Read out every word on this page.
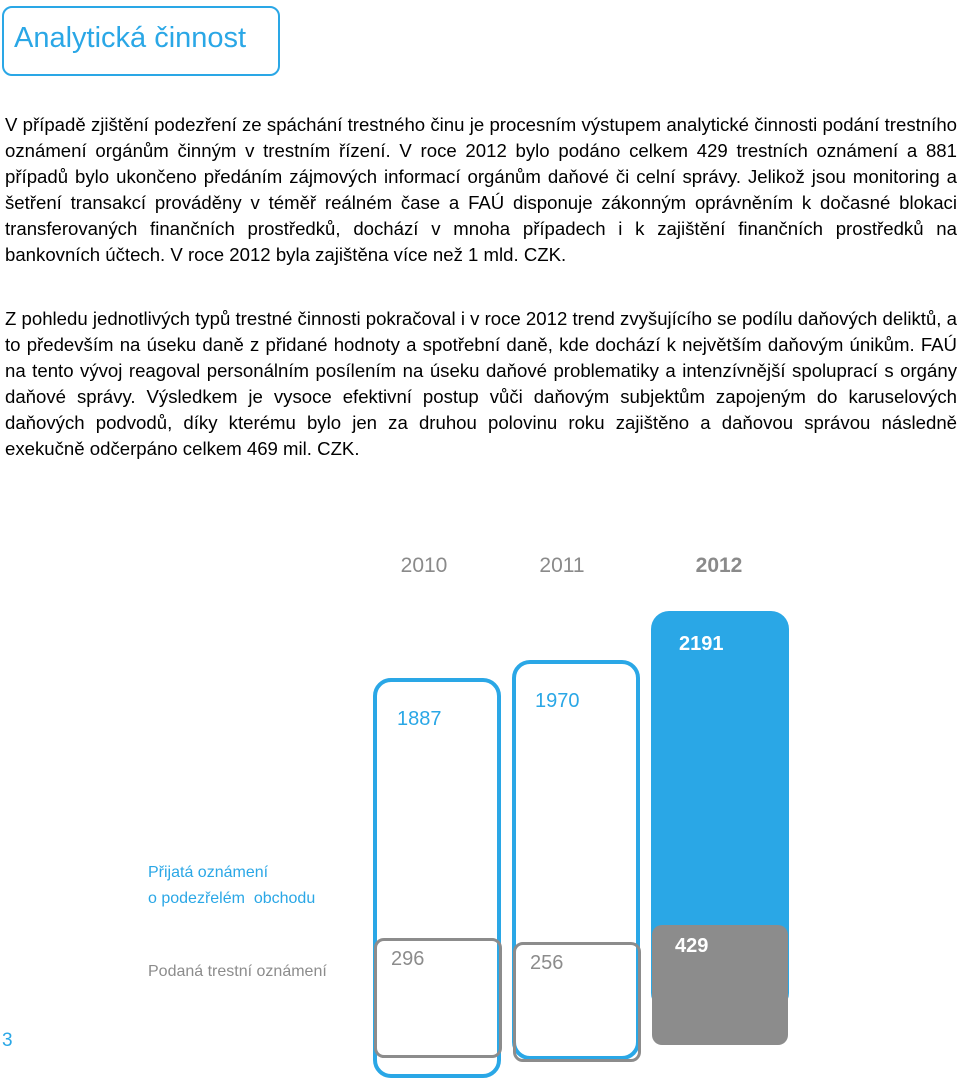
Analytická činnost

V případě zjištění podezření ze spáchání trestného činu je procesním výstupem analytické činnosti podání trestního oznámení orgánům činným v trestním řízení. V roce 2012 bylo podáno celkem 429 trestních oznámení a 881 případů bylo ukončeno předáním zájmových informací orgánům daňové či celní správy. Jelikož jsou monitoring a šetření transakcí prováděny v téměř reálném čase a FAÚ disponuje zákonným oprávněním k dočasné blokaci transferovaných finančních prostředků, dochází v mnoha případech i k zajištění finančních prostředků na bankovních účtech. V roce 2012 byla zajištěna více než 1 mld. CZK.

Z pohledu jednotlivých typů trestné činnosti pokračoval i v roce 2012 trend zvyšujícího se podílu daňových deliktů, a to především na úseku daně z přidané hodnoty a spotřební daně, kde dochází k největším daňovým únikům. FAÚ na tento vývoj reagoval personálním posílením na úseku daňové problematiky a intenzívnější spoluprací s orgány daňové správy. Výsledkem je vysoce efektivní postup vůči daňovým subjektům zapojeným do karuselových daňových podvodů, díky kterému bylo jen za druhou polovinu roku zajištěno a daňovou správou následně exekučně odčerpáno celkem 469 mil. CZK.

2010	2011	2012
1887
1970
2191
Přijatá oznámení
o podezřelém  obchodu
Podaná trestní oznámení
296	256
429
3
